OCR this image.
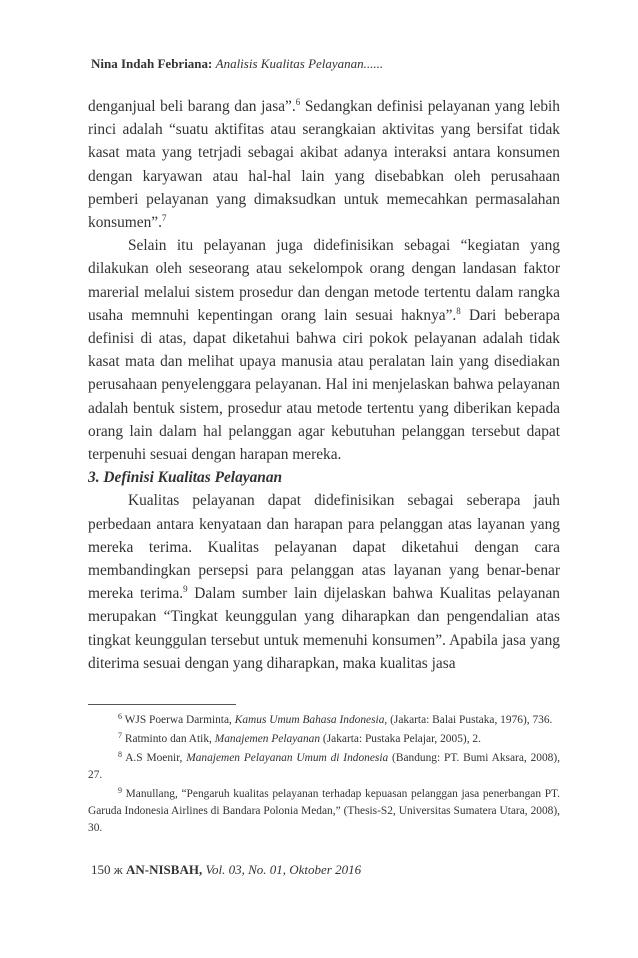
Nina Indah Febriana: Analisis Kualitas Pelayanan......

denganjual beli barang dan jasa”.$^6$ Sedangkan definisi pelayanan yang lebih rinci adalah “suatu aktifitas atau serangkaian aktivitas yang bersifat tidak kasat mata yang tetrjadi sebagai akibat adanya interaksi antara konsumen dengan karyawan atau hal-hal lain yang disebabkan oleh perusahaan pemberi pelayanan yang dimaksudkan untuk memecahkan permasalahan konsumen”.$^7$

Selain itu pelayanan juga didefinisikan sebagai “kegiatan yang dilakukan oleh seseorang atau sekelompok orang dengan landasan faktor marerial melalui sistem prosedur dan dengan metode tertentu dalam rangka usaha memnuhi kepentingan orang lain sesuai haknya”.$^8$ Dari beberapa definisi di atas, dapat diketahui bahwa ciri pokok pelayanan adalah tidak kasat mata dan melihat upaya manusia atau peralatan lain yang disediakan perusahaan penyelenggara pelayanan. Hal ini menjelaskan bahwa pelayanan adalah bentuk sistem, prosedur atau metode tertentu yang diberikan kepada orang lain dalam hal pelanggan agar kebutuhan pelanggan tersebut dapat terpenuhi sesuai dengan harapan mereka.

3. Definisi Kualitas Pelayanan

Kualitas pelayanan dapat didefinisikan sebagai seberapa jauh perbedaan antara kenyataan dan harapan para pelanggan atas layanan yang mereka terima. Kualitas pelayanan dapat diketahui dengan cara membandingkan persepsi para pelanggan atas layanan yang benar-benar mereka terima.$^9$ Dalam sumber lain dijelaskan bahwa Kualitas pelayanan merupakan “Tingkat keunggulan yang diharapkan dan pengendalian atas tingkat keunggulan tersebut untuk memenuhi konsumen”. Apabila jasa yang diterima sesuai dengan yang diharapkan, maka kualitas jasa

$^6$ WJS Poerwa Darminta, Kamus Umum Bahasa Indonesia, (Jakarta: Balai Pustaka, 1976), 736.

$^7$ Ratminto dan Atik, Manajemen Pelayanan (Jakarta: Pustaka Pelajar, 2005), 2.

$^8$ A.S Moenir, Manajemen Pelayanan Umum di Indonesia (Bandung: PT. Bumi Aksara, 2008), 27.

$^9$ Manullang, “Pengaruh kualitas pelayanan terhadap kepuasan pelanggan jasa penerbangan PT. Garuda Indonesia Airlines di Bandara Polonia Medan,” (Thesis-S2, Universitas Sumatera Utara, 2008), 30.

150 ж AN-NISBAH, Vol. 03, No. 01, Oktober 2016
